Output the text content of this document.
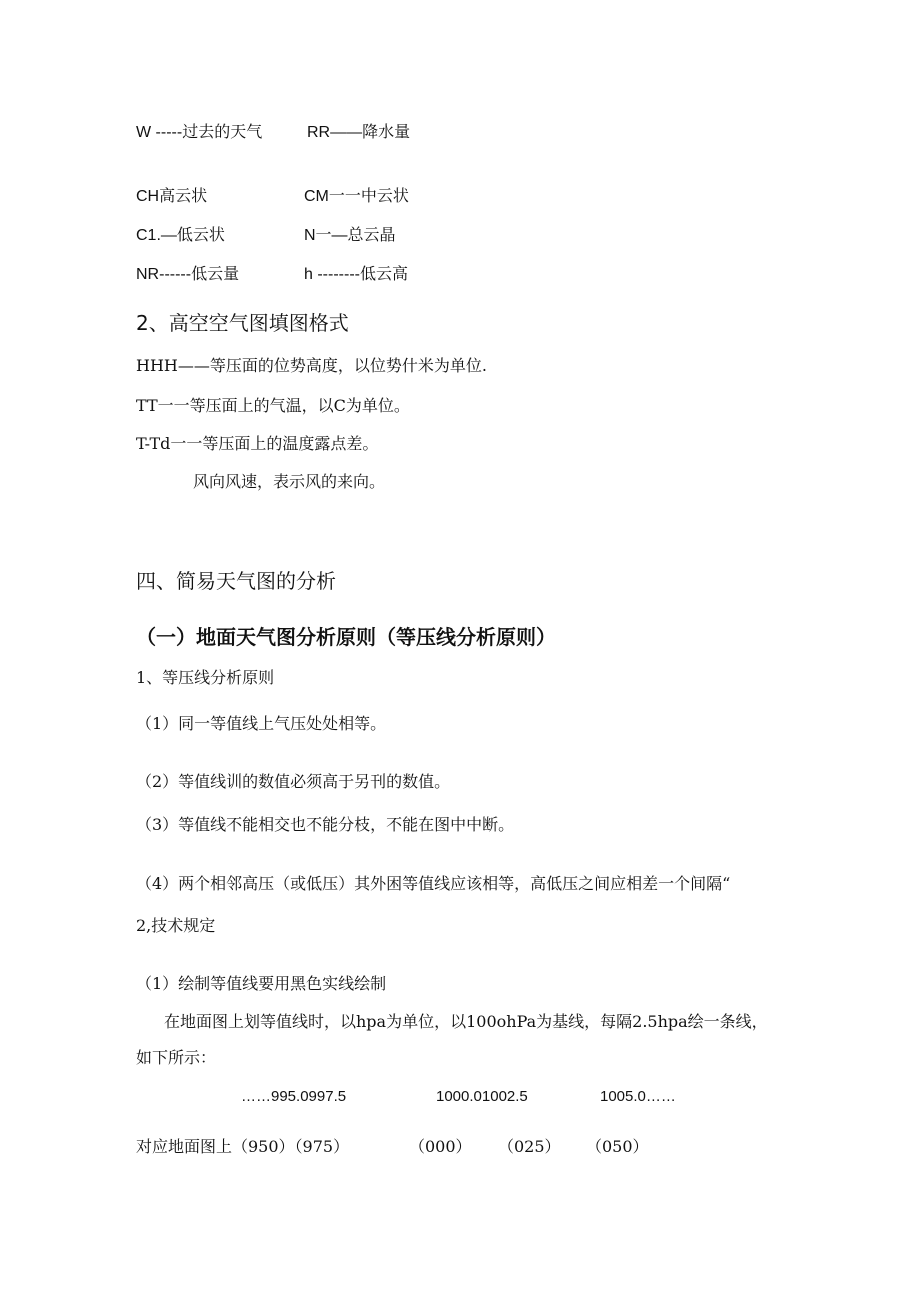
W -----过去的天气	RR——降水量
CH高云状	CM一一中云状
C1.—低云状	N一—总云晶
NR------低云量	h --------低云高
2、高空空气图填图格式
HHH——等压面的位势高度，以位势什米为单位.
TT一一等压面上的气温，以C为单位。
T-Td一一等压面上的温度露点差。
风向风速，表示风的来向。
四、简易天气图的分析
（一）地面天气图分析原则（等压线分析原则）
1、等压线分析原则
（1）同一等值线上气压处处相等。
（2）等值线训的数值必须高于另刊的数值。
（3）等值线不能相交也不能分枝，不能在图中中断。
（4）两个相邻高压（或低压）其外困等值线应该相等，高低压之间应相差一个间隔“
2,技术规定
（1）绘制等值线要用黑色实线绘制
在地面图上划等值线时，以hpa为单位，以100ohPa为基线，每隔2.5hpa绘一条线，
如下所示：
……995.0997.5	1000.01002.5	1005.0……
对应地面图上（950）（975）	（000） （025） （050）
